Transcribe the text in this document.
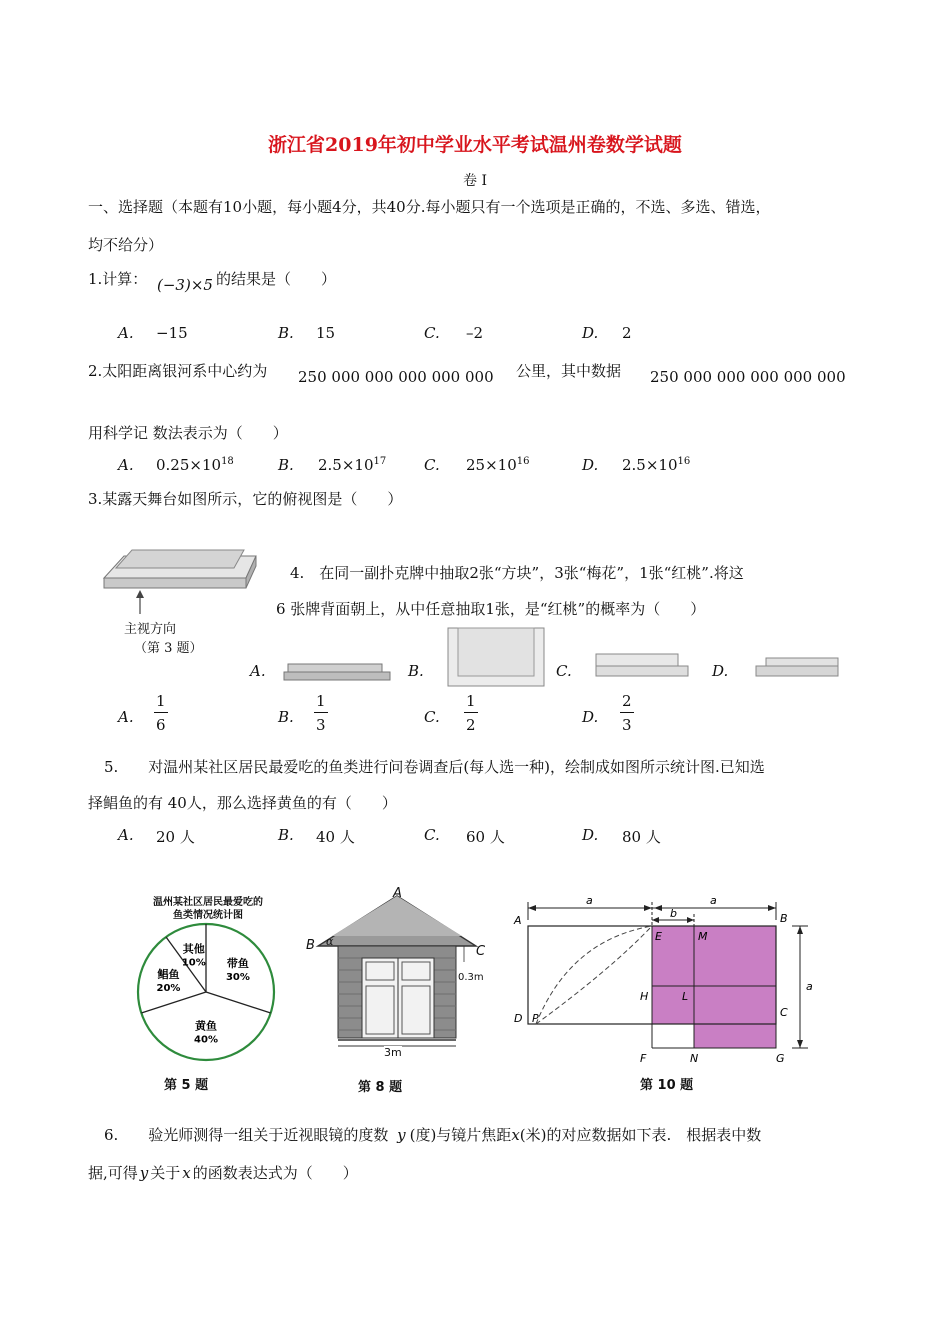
浙江省2019年初中学业水平考试温州卷数学试题
卷 I
一、选择题（本题有10小题，每小题4分，共40分.每小题只有一个选项是正确的，不选、多选、错选，
均不给分）
1.计算： (−3)×5 的结果是（　　）
A. −15	B. 15	C. –2	D. 2
2.太阳距离银河系中心约为 250 000 000 000 000 000 公里，其中数据 250 000 000 000 000 000
用科学记 数法表示为（　　）
A. $0.25\times 10^{18}$	B. $2.5\times 10^{17}$	C. $25\times 10^{16}$	D. $2.5\times 10^{16}$
3.某露天舞台如图所示，它的俯视图是（　　）
主视方向
（第 3 题）
4.　在同一副扑克牌中抽取2张“方块”，3张“梅花”，1张“红桃”.将这
6 张牌背面朝上，从中任意抽取1张，是“红桃”的概率为（　　）
A.	B.	C.	D.
A. $\frac{1}{6}$	B. $\frac{1}{3}$	C. $\frac{1}{2}$	D. $\frac{2}{3}$
5.　　对温州某社区居民最爱吃的鱼类进行问卷调查后(每人选一种)，绘制成如图所示统计图.已知选
择鲳鱼的有 40人，那么选择黄鱼的有（　　）
A. 20 人	B. 40 人	C. 60 人	D. 80 人
温州某社区居民最爱吃的
鱼类情况统计图
其他
10% 带鱼
30%
黄鱼
40%
鲳鱼
20%
第 5 题
A
B α
C
0.3m
3m
第 8 题
A	B
C
D P
E	M
H	L
F	N	G
a	a
b
a
第 10 题
6.　　验光师测得一组关于近视眼镜的度数 y (度)与镜片焦距x(米)的对应数据如下表.　根据表中数
据,可得 y 关于 x 的函数表达式为（　　）
